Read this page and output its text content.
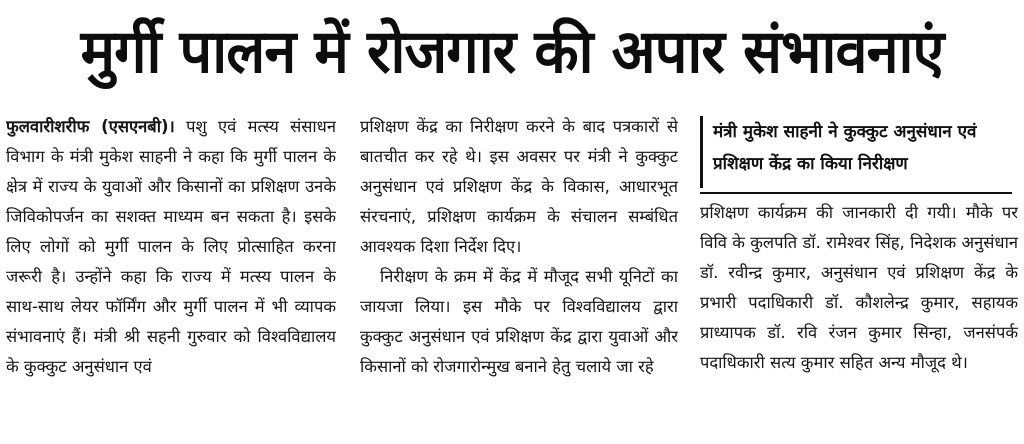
मुर्गी पालन में रोजगार की अपार संभावनाएं

फुलवारीशरीफ (एसएनबी)। पशु एवं मत्स्य संसाधन विभाग के मंत्री मुकेश साहनी ने कहा कि मुर्गी पालन के क्षेत्र में राज्य के युवाओं और किसानों का प्रशिक्षण उनके जिविकोपर्जन का सशक्त माध्यम बन सकता है। इसके लिए लोगों को मुर्गी पालन के लिए प्रोत्साहित करना जरूरी है। उन्होंने कहा कि राज्य में मत्स्य पालन के साथ-साथ लेयर फॉर्मिंग और मुर्गी पालन में भी व्यापक संभावनाएं हैं। मंत्री श्री सहनी गुरुवार को विश्वविद्यालय के कुक्कुट अनुसंधान एवं

प्रशिक्षण केंद्र का निरीक्षण करने के बाद पत्रकारों से बातचीत कर रहे थे। इस अवसर पर मंत्री ने कुक्कुट अनुसंधान एवं प्रशिक्षण केंद्र के विकास, आधारभूत संरचनाएं, प्रशिक्षण कार्यक्रम के संचालन सम्बंधित आवश्यक दिशा निर्देश दिए।

निरीक्षण के क्रम में केंद्र में मौजूद सभी यूनिटों का जायजा लिया। इस मौके पर विश्वविद्यालय द्वारा कुक्कुट अनुसंधान एवं प्रशिक्षण केंद्र द्वारा युवाओं और किसानों को रोजगारोन्मुख बनाने हेतु चलाये जा रहे

मंत्री मुकेश साहनी ने कुक्कुट अनुसंधान एवं प्रशिक्षण केंद्र का किया निरीक्षण

प्रशिक्षण कार्यक्रम की जानकारी दी गयी। मौके पर विवि के कुलपति डॉ. रामेश्वर सिंह, निदेशक अनुसंधान डॉ. रवीन्द्र कुमार, अनुसंधान एवं प्रशिक्षण केंद्र के प्रभारी पदाधिकारी डॉ. कौशलेन्द्र कुमार, सहायक प्राध्यापक डॉ. रवि रंजन कुमार सिन्हा, जनसंपर्क पदाधिकारी सत्य कुमार सहित अन्य मौजूद थे।
